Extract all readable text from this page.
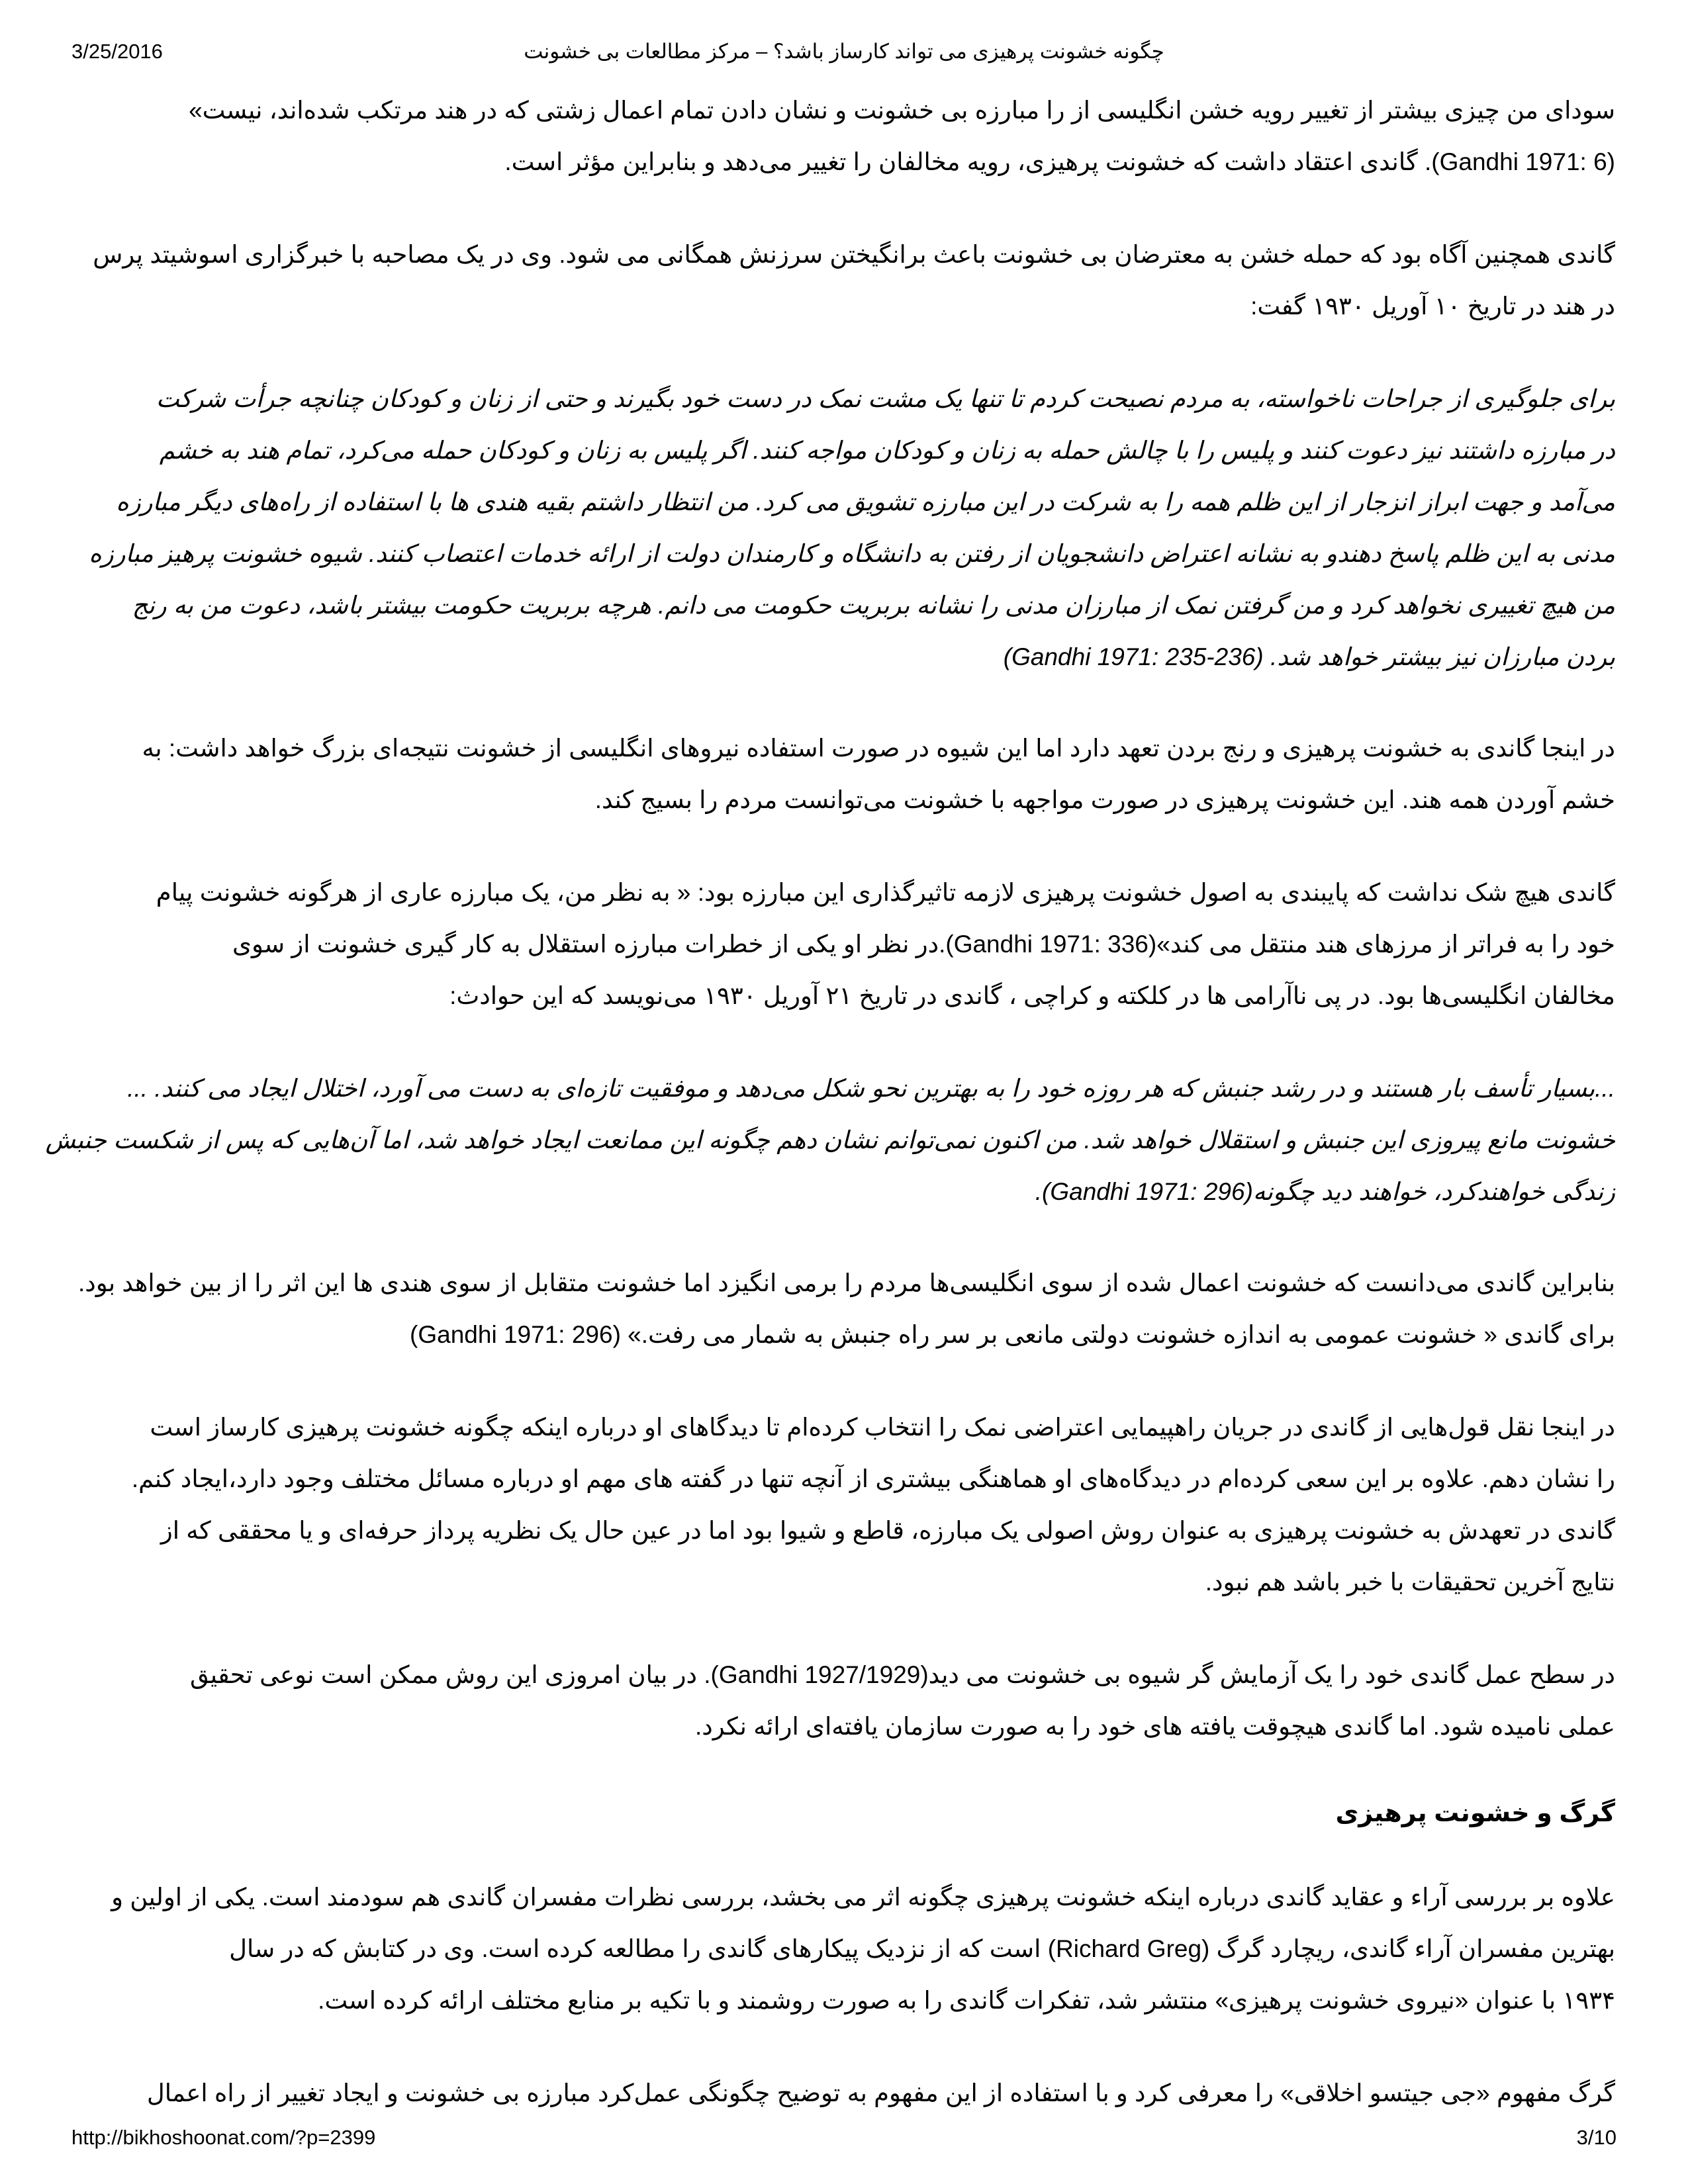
3/25/2016	چگونه خشونت پرهیزی می تواند کارساز باشد؟ – مرکز مطالعات بی خشونت
سودای من چیزی بیشتر از تغییر رویه خشن انگلیسی از را مبارزه بی خشونت و نشان دادن تمام اعمال زشتی که در هند مرتکب شده‌اند، نیست»
(Gandhi 1971: 6). گاندی اعتقاد داشت که خشونت پرهیزی، رویه مخالفان را تغییر می‌دهد و بنابراین مؤثر است.
گاندی همچنین آگاه بود که حمله خشن به معترضان بی خشونت باعث برانگیختن سرزنش همگانی می شود. وی در یک مصاحبه با خبرگزاری اسوشیتد پرس
در هند در تاریخ ۱۰ آوریل ۱۹۳۰ گفت:
برای جلوگیری از جراحات ناخواسته، به مردم نصیحت کردم تا تنها یک مشت نمک در دست خود بگیرند و حتی از زنان و کودکان چنانچه جرأت شرکت
در مبارزه داشتند نیز دعوت کنند و پلیس را با چالش حمله به زنان و کودکان مواجه کنند. اگر پلیس به زنان و کودکان حمله می‌کرد، تمام هند به خشم
می‌آمد و جهت ابراز انزجار از این ظلم همه را به شرکت در این مبارزه تشویق می کرد. من انتظار داشتم بقیه هندی ها با استفاده از راه‌های دیگر مبارزه
مدنی به این ظلم پاسخ دهندو به نشانه اعتراض دانشجویان از رفتن به دانشگاه و کارمندان دولت از ارائه خدمات اعتصاب کنند. شیوه خشونت پرهیز مبارزه
من هیچ تغییری نخواهد کرد و من گرفتن نمک از مبارزان مدنی را نشانه بربریت حکومت می دانم. هرچه بربریت حکومت بیشتر باشد، دعوت من به رنج
بردن مبارزان نیز بیشتر خواهد شد. (Gandhi 1971: 235-236)
در اینجا گاندی به خشونت پرهیزی و رنج بردن تعهد دارد اما این شیوه در صورت استفاده نیروهای انگلیسی از خشونت نتیجه‌ای بزرگ خواهد داشت: به
خشم آوردن همه هند. این خشونت پرهیزی در صورت مواجهه با خشونت می‌توانست مردم را بسیج کند.
گاندی هیچ شک نداشت که پایبندی به اصول خشونت پرهیزی لازمه تاثیرگذاری این مبارزه بود: « به نظر من، یک مبارزه عاری از هرگونه خشونت پیام
خود را به فراتر از مرزهای هند منتقل می کند»(Gandhi 1971: 336).در نظر او یکی از خطرات مبارزه استقلال به کار گیری خشونت از سوی
مخالفان انگلیسی‌ها بود. در پی ناآرامی ها در کلکته و کراچی ، گاندی در تاریخ ۲۱ آوریل ۱۹۳۰ می‌نویسد که این حوادث:
...بسیار تأسف بار هستند و در رشد جنبش که هر روزه خود را به بهترین نحو شکل می‌دهد و موفقیت تازه‌ای به دست می آورد، اختلال ایجاد می کنند. ...
خشونت مانع پیروزی این جنبش و استقلال خواهد شد. من اکنون نمی‌توانم نشان دهم چگونه این ممانعت ایجاد خواهد شد، اما آن‌هایی که پس از شکست جنبش
زندگی خواهندکرد، خواهند دید چگونه(Gandhi 1971: 296).
بنابراین گاندی می‌دانست که خشونت اعمال شده از سوی انگلیسی‌ها مردم را برمی انگیزد اما خشونت متقابل از سوی هندی ها این اثر را از بین خواهد بود.
برای گاندی « خشونت عمومی به اندازه خشونت دولتی مانعی بر سر راه جنبش به شمار می رفت.» (Gandhi 1971: 296)
در اینجا نقل قول‌هایی از گاندی در جریان راهپیمایی اعتراضی نمک را انتخاب کرده‌ام تا دیدگاهای او درباره اینکه چگونه خشونت پرهیزی کارساز است
را نشان دهم. علاوه بر این سعی کرده‌ام در دیدگاه‌های او هماهنگی بیشتری از آنچه تنها در گفته های مهم او درباره مسائل مختلف وجود دارد،ایجاد کنم.
گاندی در تعهدش به خشونت پرهیزی به عنوان روش اصولی یک مبارزه، قاطع و شیوا بود اما در عین حال یک نظریه پرداز حرفه‌ای و یا محققی که از
نتایج آخرین تحقیقات با خبر باشد هم نبود.
در سطح عمل گاندی خود را یک آزمایش گر شیوه بی خشونت می دید(Gandhi 1927/1929). در بیان امروزی این روش ممکن است نوعی تحقیق
عملی نامیده شود. اما گاندی هیچوقت یافته های خود را به صورت سازمان یافته‌ای ارائه نکرد.
گرگ و خشونت پرهیزی
علاوه بر بررسی آراء و عقاید گاندی درباره اینکه خشونت پرهیزی چگونه اثر می بخشد، بررسی نظرات مفسران گاندی هم سودمند است. یکی از اولین و
بهترین مفسران آراء گاندی، ریچارد گرگ (Richard Greg) است که از نزدیک پیکارهای گاندی را مطالعه کرده است. وی در کتابش که در سال
۱۹۳۴ با عنوان «نیروی خشونت پرهیزی» منتشر شد، تفکرات گاندی را به صورت روشمند و با تکیه بر منابع مختلف ارائه کرده است.
گرگ مفهوم «جی جیتسو اخلاقی» را معرفی کرد و با استفاده از این مفهوم به توضیح چگونگی عمل‌کرد مبارزه بی خشونت و ایجاد تغییر از راه اعمال
http://bikhoshoonat.com/?p=2399	3/10
